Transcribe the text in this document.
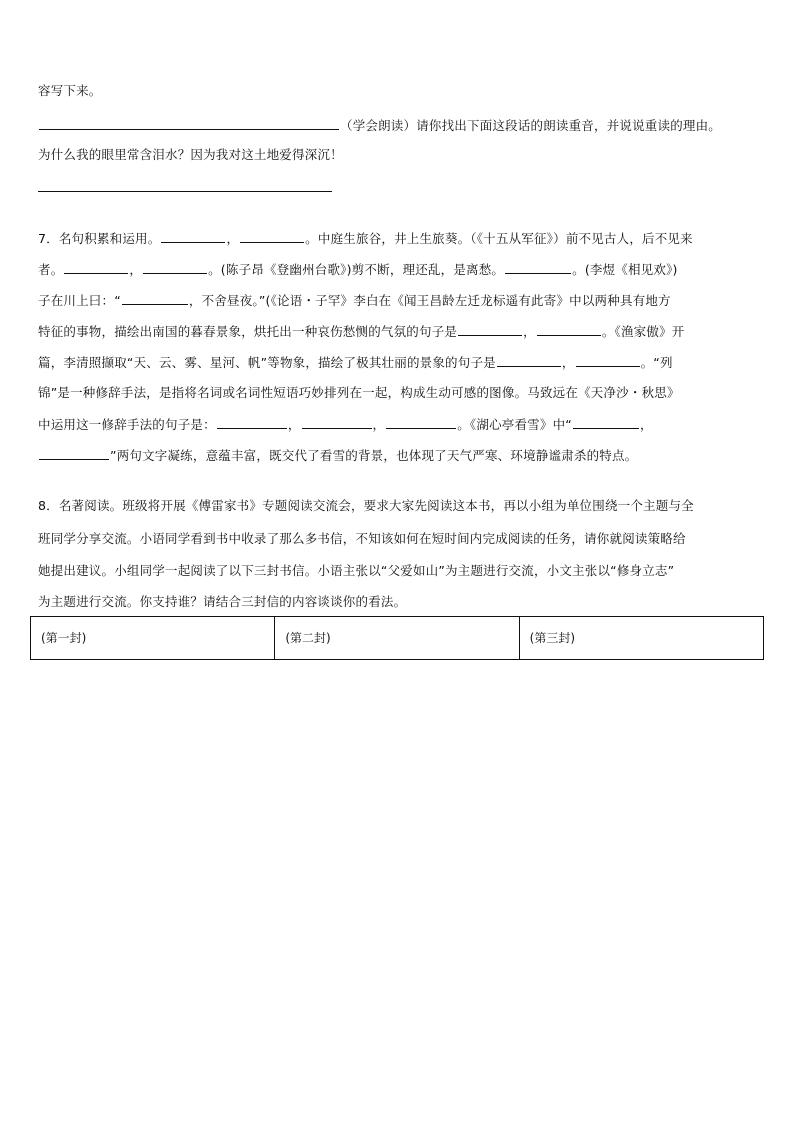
容写下来。
（学会朗读）请你找出下面这段话的朗读重音，并说说重读的理由。
为什么我的眼里常含泪水？因为我对这土地爱得深沉！
7．名句积累和运用。	，	。中庭生旅谷，井上生旅葵。（《十五从军征》）前不见古人，后不见来
者。	，	。(陈子昂《登幽州台歌》)剪不断，理还乱，是离愁。	。(李煜《相见欢》)
子在川上曰：“	，不舍昼夜。”(《论语・子罕》李白在《闻王昌龄左迁龙标遥有此寄》中以两种具有地方
特征的事物，描绘出南国的暮春景象，烘托出一种哀伤愁恻的气氛的句子是	，	。《渔家傲》开
篇，李清照撷取“天、云、雾、星河、帆”等物象，描绘了极其壮丽的景象的句子是	，	。“列
锦”是一种修辞手法，是指将名词或名词性短语巧妙排列在一起，构成生动可感的图像。马致远在《天净沙・秋思》
中运用这一修辞手法的句子是：	，	，	。《湖心亭看雪》中“	，
”两句文字凝练，意蕴丰富，既交代了看雪的背景，也体现了天气严寒、环境静谧肃杀的特点。
8．名著阅读。班级将开展《傅雷家书》专题阅读交流会，要求大家先阅读这本书，再以小组为单位围绕一个主题与全
班同学分享交流。小语同学看到书中收录了那么多书信，不知该如何在短时间内完成阅读的任务，请你就阅读策略给
她提出建议。小组同学一起阅读了以下三封书信。小语主张以“父爱如山”为主题进行交流，小文主张以“修身立志”
为主题进行交流。你支持谁？请结合三封信的内容谈谈你的看法。
(第一封)	(第二封)	(第三封)
